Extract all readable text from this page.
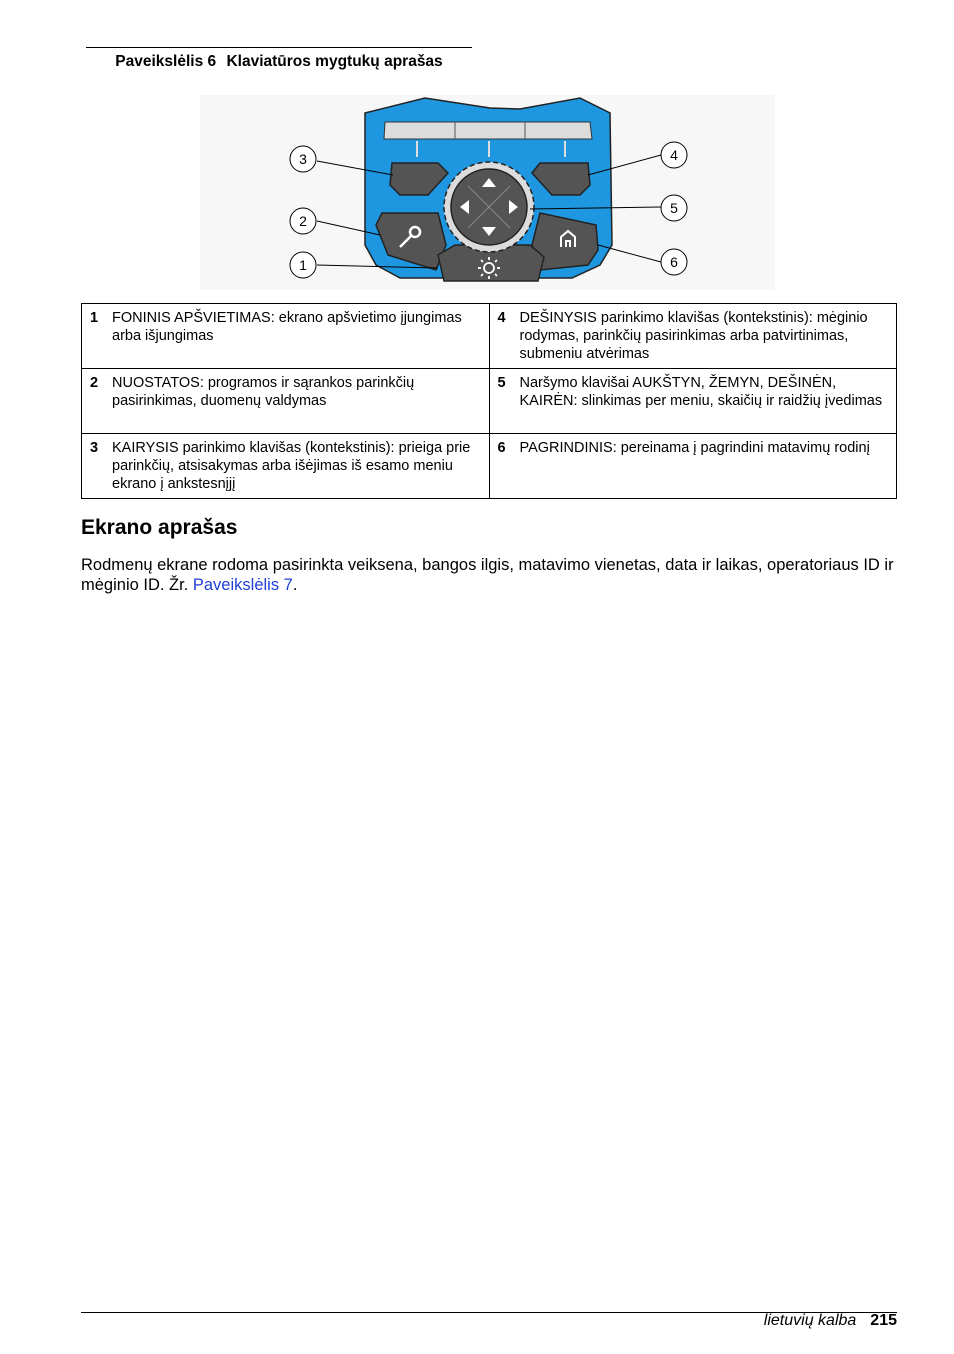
Paveikslėlis 6 Klaviatūros mygtukų aprašas
1
2
3	4
5
6
1 FONINIS APŠVIETIMAS: ekrano apšvietimo įjungimas arba išjungimas	4 DEŠINYSIS parinkimo klavišas (kontekstinis): mėginio rodymas, parinkčių pasirinkimas arba patvirtinimas, submeniu atvėrimas

2 NUOSTATOS: programos ir sąrankos parinkčių pasirinkimas, duomenų valdymas	5 Naršymo klavišai AUKŠTYN, ŽEMYN, DEŠINĖN, KAIRĖN: slinkimas per meniu, skaičių ir raidžių įvedimas

3 KAIRYSIS parinkimo klavišas (kontekstinis): prieiga prie parinkčių, atsisakymas arba išėjimas iš esamo meniu ekrano į ankstesnįjį	6 PAGRINDINIS: pereinama į pagrindini matavimų rodinį
Ekrano aprašas

Rodmenų ekrane rodoma pasirinkta veiksena, bangos ilgis, matavimo vienetas, data ir laikas, operatoriaus ID ir mėginio ID. Žr. Paveikslėlis 7.

lietuvių kalba 215
